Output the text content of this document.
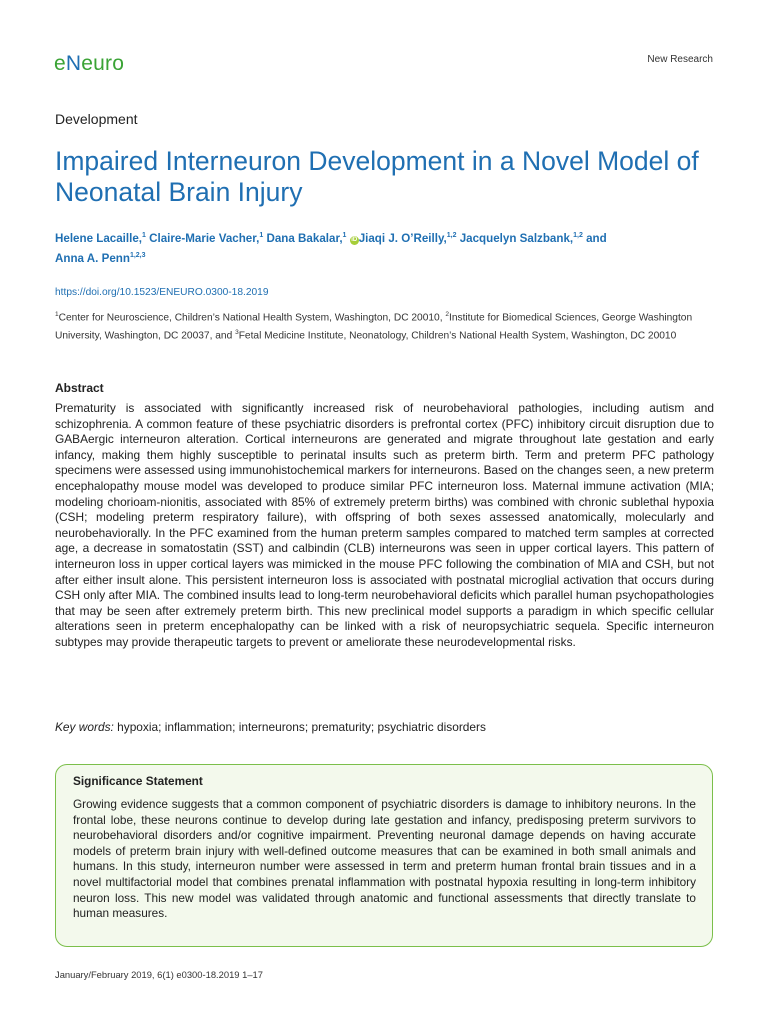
eNeuro	New Research
Development
Impaired Interneuron Development in a Novel Model of Neonatal Brain Injury
Helene Lacaille,$^1$ Claire-Marie Vacher,$^1$ Dana Bakalar,$^1$ iD Jiaqi J. O’Reilly,$^{1,2}$ Jacquelyn Salzbank,$^{1,2}$ and
Anna A. Penn$^{1,2,3}$
https://doi.org/10.1523/ENEURO.0300-18.2019
$^1$Center for Neuroscience, Children’s National Health System, Washington, DC 20010, $^2$Institute for Biomedical Sciences, George Washington University, Washington, DC 20037, and $^3$Fetal Medicine Institute, Neonatology, Children’s National Health System, Washington, DC 20010
Abstract

Prematurity is associated with significantly increased risk of neurobehavioral pathologies, including autism and schizophrenia. A common feature of these psychiatric disorders is prefrontal cortex (PFC) inhibitory circuit disruption due to GABAergic interneuron alteration. Cortical interneurons are generated and migrate throughout late gestation and early infancy, making them highly susceptible to perinatal insults such as preterm birth. Term and preterm PFC pathology specimens were assessed using immunohistochemical markers for interneurons. Based on the changes seen, a new preterm encephalopathy mouse model was developed to produce similar PFC interneuron loss. Maternal immune activation (MIA; modeling chorioam-nionitis, associated with 85% of extremely preterm births) was combined with chronic sublethal hypoxia (CSH; modeling preterm respiratory failure), with offspring of both sexes assessed anatomically, molecularly and neurobehaviorally. In the PFC examined from the human preterm samples compared to matched term samples at corrected age, a decrease in somatostatin (SST) and calbindin (CLB) interneurons was seen in upper cortical layers. This pattern of interneuron loss in upper cortical layers was mimicked in the mouse PFC following the combination of MIA and CSH, but not after either insult alone. This persistent interneuron loss is associated with postnatal microglial activation that occurs during CSH only after MIA. The combined insults lead to long-term neurobehavioral deficits which parallel human psychopathologies that may be seen after extremely preterm birth. This new preclinical model supports a paradigm in which specific cellular alterations seen in preterm encephalopathy can be linked with a risk of neuropsychiatric sequela. Specific interneuron subtypes may provide therapeutic targets to prevent or ameliorate these neurodevelopmental risks.

Key words: hypoxia; inflammation; interneurons; prematurity; psychiatric disorders
Significance Statement

Growing evidence suggests that a common component of psychiatric disorders is damage to inhibitory neurons. In the frontal lobe, these neurons continue to develop during late gestation and infancy, predisposing preterm survivors to neurobehavioral disorders and/or cognitive impairment. Preventing neuronal damage depends on having accurate models of preterm brain injury with well-defined outcome measures that can be examined in both small animals and humans. In this study, interneuron number were assessed in term and preterm human frontal brain tissues and in a novel multifactorial model that combines prenatal inflammation with postnatal hypoxia resulting in long-term inhibitory neuron loss. This new model was validated through anatomic and functional assessments that directly translate to human measures.

January/February 2019, 6(1) e0300-18.2019 1–17
